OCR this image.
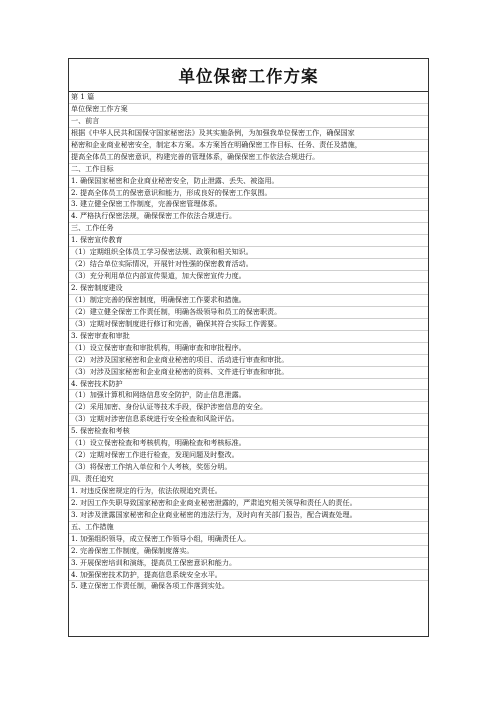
单位保密工作方案
第 1 篇
单位保密工作方案
一、前言
根据《中华人民共和国保守国家秘密法》及其实施条例，为加强我单位保密工作，确保国家
秘密和企业商业秘密安全，制定本方案。本方案旨在明确保密工作目标、任务、责任及措施，
提高全体员工的保密意识，构建完善的管理体系，确保保密工作依法合规进行。
二、工作目标
1. 确保国家秘密和企业商业秘密安全，防止泄露、丢失、被盗用。
2. 提高全体员工的保密意识和能力，形成良好的保密工作氛围。
3. 建立健全保密工作制度，完善保密管理体系。
4. 严格执行保密法规，确保保密工作依法合规进行。
三、工作任务
1. 保密宣传教育
（1）定期组织全体员工学习保密法规、政策和相关知识。
（2）结合单位实际情况，开展针对性强的保密教育活动。
（3）充分利用单位内部宣传渠道，加大保密宣传力度。
2. 保密制度建设
（1）制定完善的保密制度，明确保密工作要求和措施。
（2）建立健全保密工作责任制，明确各级领导和员工的保密职责。
（3）定期对保密制度进行修订和完善，确保其符合实际工作需要。
3. 保密审查和审批
（1）设立保密审查和审批机构，明确审查和审批程序。
（2）对涉及国家秘密和企业商业秘密的项目、活动进行审查和审批。
（3）对涉及国家秘密和企业商业秘密的资料、文件进行审查和审批。
4. 保密技术防护
（1）加强计算机和网络信息安全防护，防止信息泄露。
（2）采用加密、身份认证等技术手段，保护涉密信息的安全。
（3）定期对涉密信息系统进行安全检查和风险评估。
5. 保密检查和考核
（1）设立保密检查和考核机构，明确检查和考核标准。
（2）定期对保密工作进行检查，发现问题及时整改。
（3）将保密工作纳入单位和个人考核，奖惩分明。
四、责任追究
1. 对违反保密规定的行为，依法依规追究责任。
2. 对因工作失职导致国家秘密和企业商业秘密泄露的，严肃追究相关领导和责任人的责任。
3. 对涉及泄露国家秘密和企业商业秘密的违法行为，及时向有关部门报告，配合调查处理。
五、工作措施
1. 加强组织领导，成立保密工作领导小组，明确责任人。
2. 完善保密工作制度，确保制度落实。
3. 开展保密培训和演练，提高员工保密意识和能力。
4. 加强保密技术防护，提高信息系统安全水平。
5. 建立保密工作责任制，确保各项工作落到实处。
